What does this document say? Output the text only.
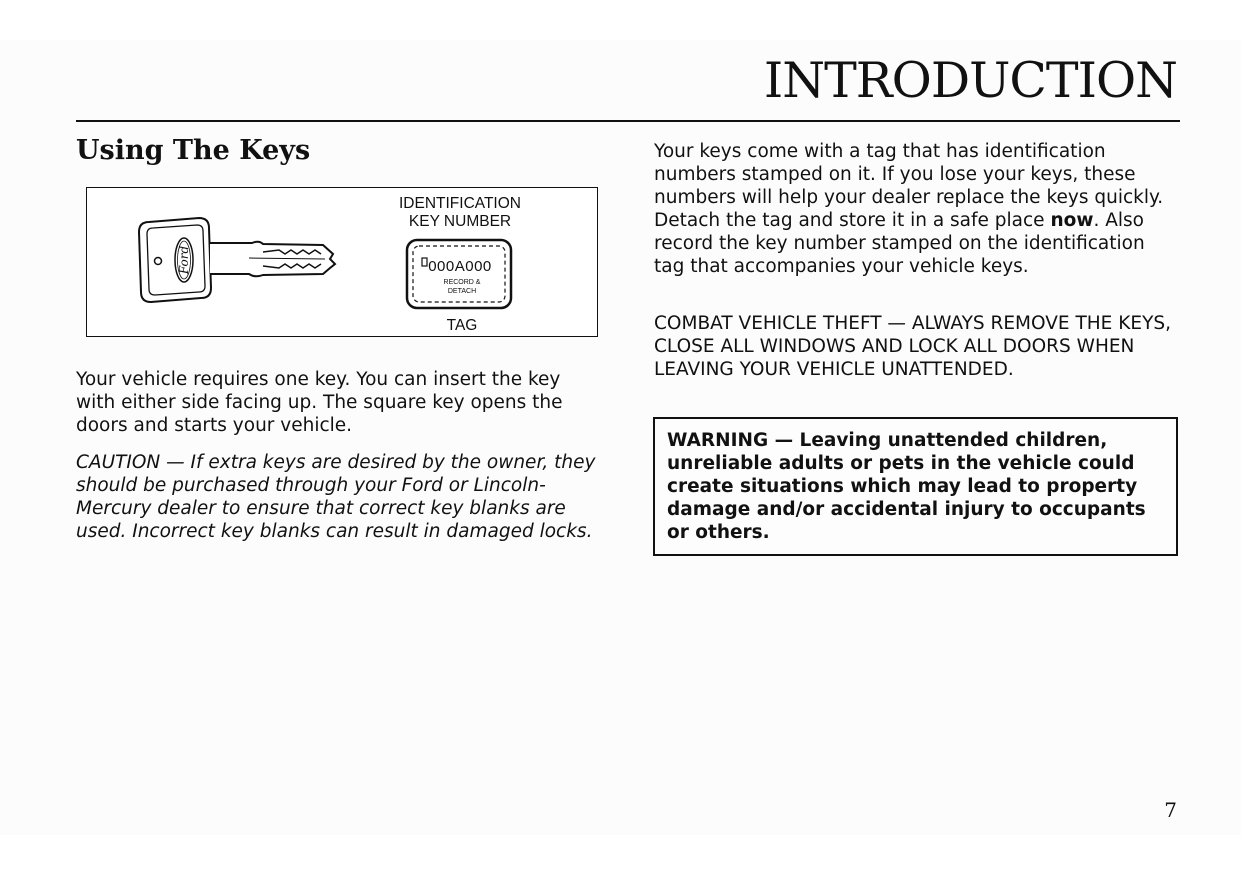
INTRODUCTION
Using The Keys
Ford
IDENTIFICATION
KEY NUMBER
000A000
RECORD &
DETACH
TAG

Your vehicle requires one key. You can insert the key with either side facing up. The square key opens the doors and starts your vehicle.

CAUTION — If extra keys are desired by the owner, they should be purchased through your Ford or Lincoln-Mercury dealer to ensure that correct key blanks are used. Incorrect key blanks can result in damaged locks.

Your keys come with a tag that has identification numbers stamped on it. If you lose your keys, these numbers will help your dealer replace the keys quickly. Detach the tag and store it in a safe place now. Also record the key number stamped on the identification tag that accompanies your vehicle keys.

COMBAT VEHICLE THEFT — ALWAYS REMOVE THE KEYS, CLOSE ALL WINDOWS AND LOCK ALL DOORS WHEN LEAVING YOUR VEHICLE UNATTENDED.

WARNING — Leaving unattended children, unreliable adults or pets in the vehicle could create situations which may lead to property damage and/or accidental injury to occupants or others.

7
